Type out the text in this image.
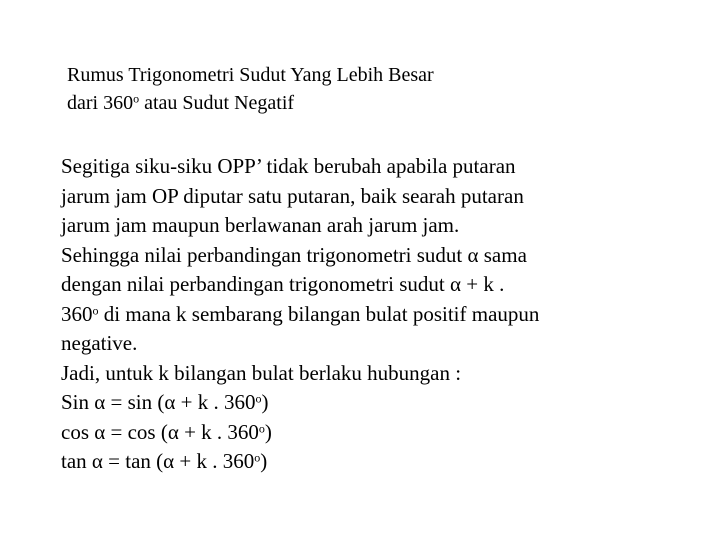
Rumus Trigonometri Sudut Yang Lebih Besar
dari 360$^o$ atau Sudut Negatif
Segitiga siku-siku OPP’ tidak berubah apabila putaran
jarum jam OP diputar satu putaran, baik searah putaran
jarum jam maupun berlawanan arah jarum jam.
Sehingga nilai perbandingan trigonometri sudut α sama
dengan nilai perbandingan trigonometri sudut α + k .
360$^o$ di mana k sembarang bilangan bulat positif maupun
negative.
Jadi, untuk k bilangan bulat berlaku hubungan :
Sin α = sin (α + k . 360$^o$)
cos α = cos (α + k . 360$^o$)
tan α = tan (α + k . 360$^o$)
